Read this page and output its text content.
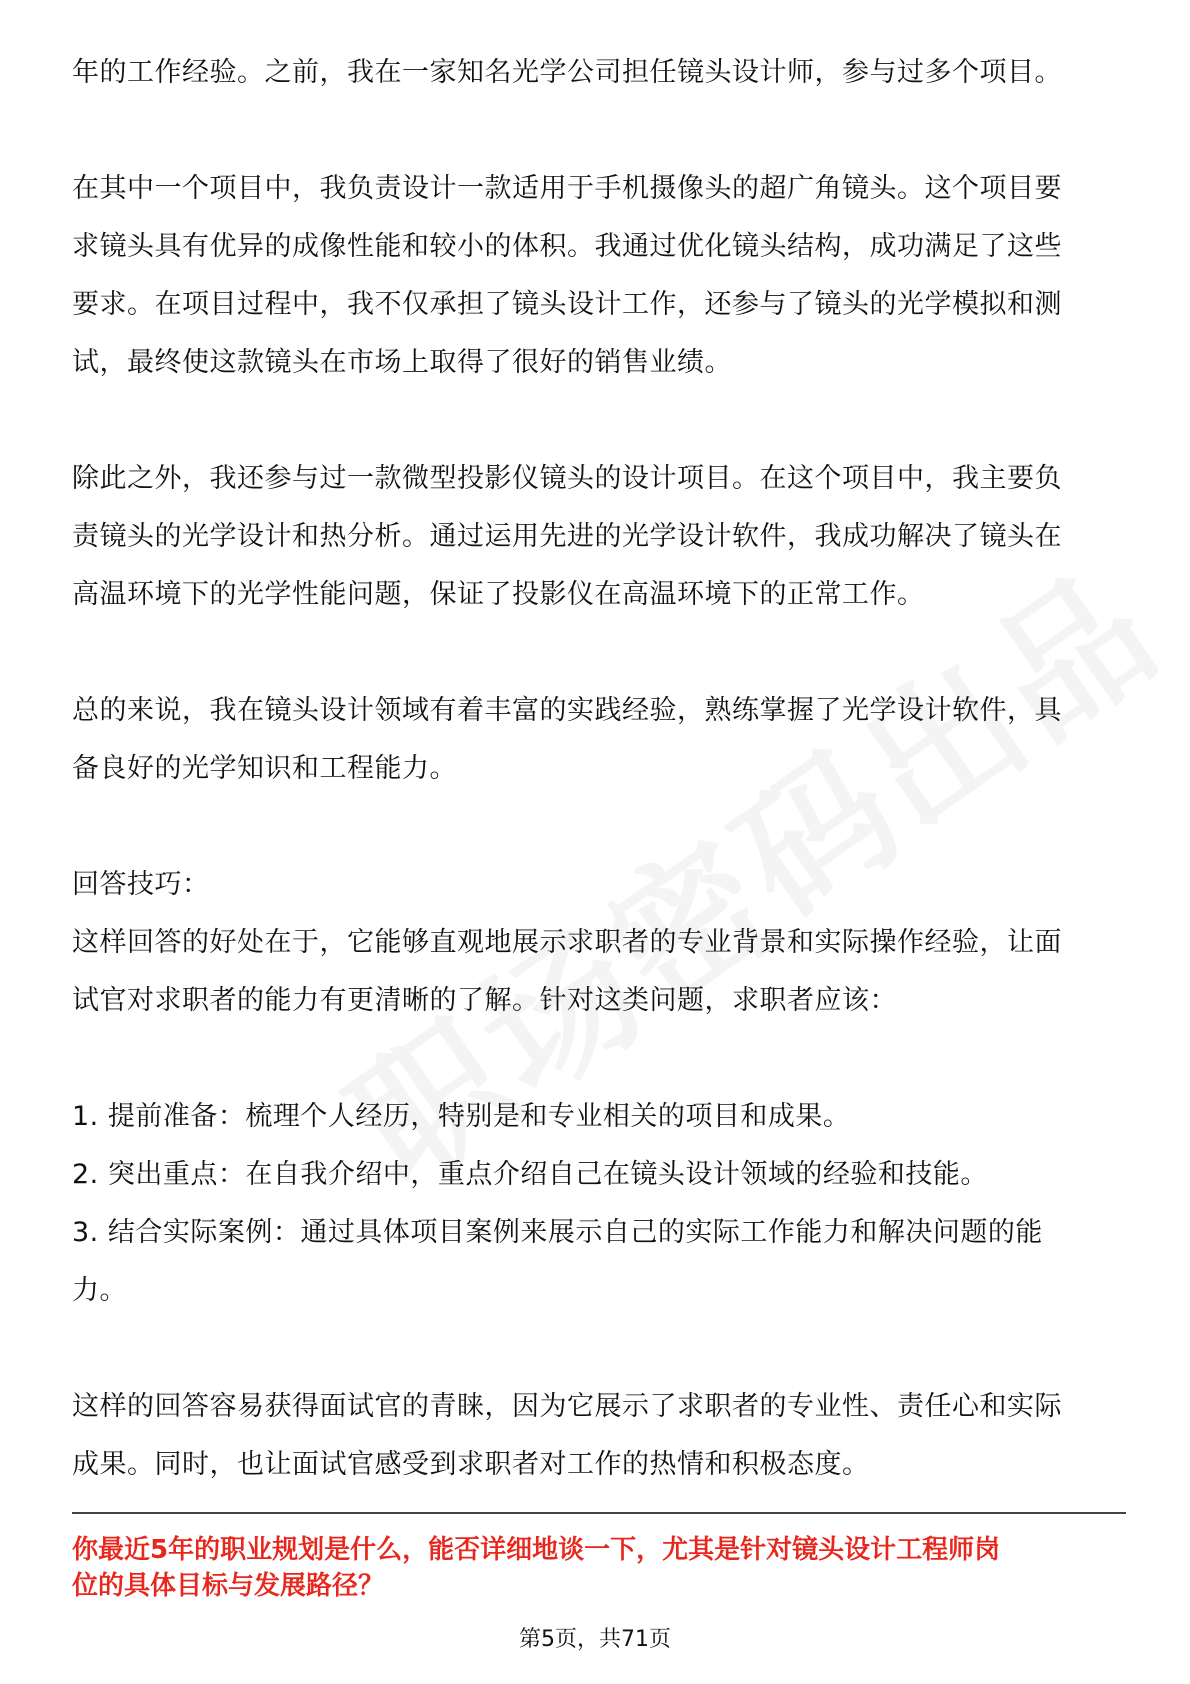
年的工作经验。之前，我在一家知名光学公司担任镜头设计师，参与过多个项目。

在其中一个项目中，我负责设计一款适用于手机摄像头的超广角镜头。这个项目要

求镜头具有优异的成像性能和较小的体积。我通过优化镜头结构，成功满足了这些

要求。在项目过程中，我不仅承担了镜头设计工作，还参与了镜头的光学模拟和测

试，最终使这款镜头在市场上取得了很好的销售业绩。

除此之外，我还参与过一款微型投影仪镜头的设计项目。在这个项目中，我主要负

责镜头的光学设计和热分析。通过运用先进的光学设计软件，我成功解决了镜头在

高温环境下的光学性能问题，保证了投影仪在高温环境下的正常工作。

总的来说，我在镜头设计领域有着丰富的实践经验，熟练掌握了光学设计软件，具

备良好的光学知识和工程能力。

回答技巧：

这样回答的好处在于，它能够直观地展示求职者的专业背景和实际操作经验，让面

试官对求职者的能力有更清晰的了解。针对这类问题，求职者应该：

1. 提前准备：梳理个人经历，特别是和专业相关的项目和成果。

2. 突出重点：在自我介绍中，重点介绍自己在镜头设计领域的经验和技能。

3. 结合实际案例：通过具体项目案例来展示自己的实际工作能力和解决问题的能

力。

这样的回答容易获得面试官的青睐，因为它展示了求职者的专业性、责任心和实际

成果。同时，也让面试官感受到求职者对工作的热情和积极态度。

你最近5年的职业规划是什么，能否详细地谈一下，尤其是针对镜头设计工程师岗
位的具体目标与发展路径？
第5页，共71页
